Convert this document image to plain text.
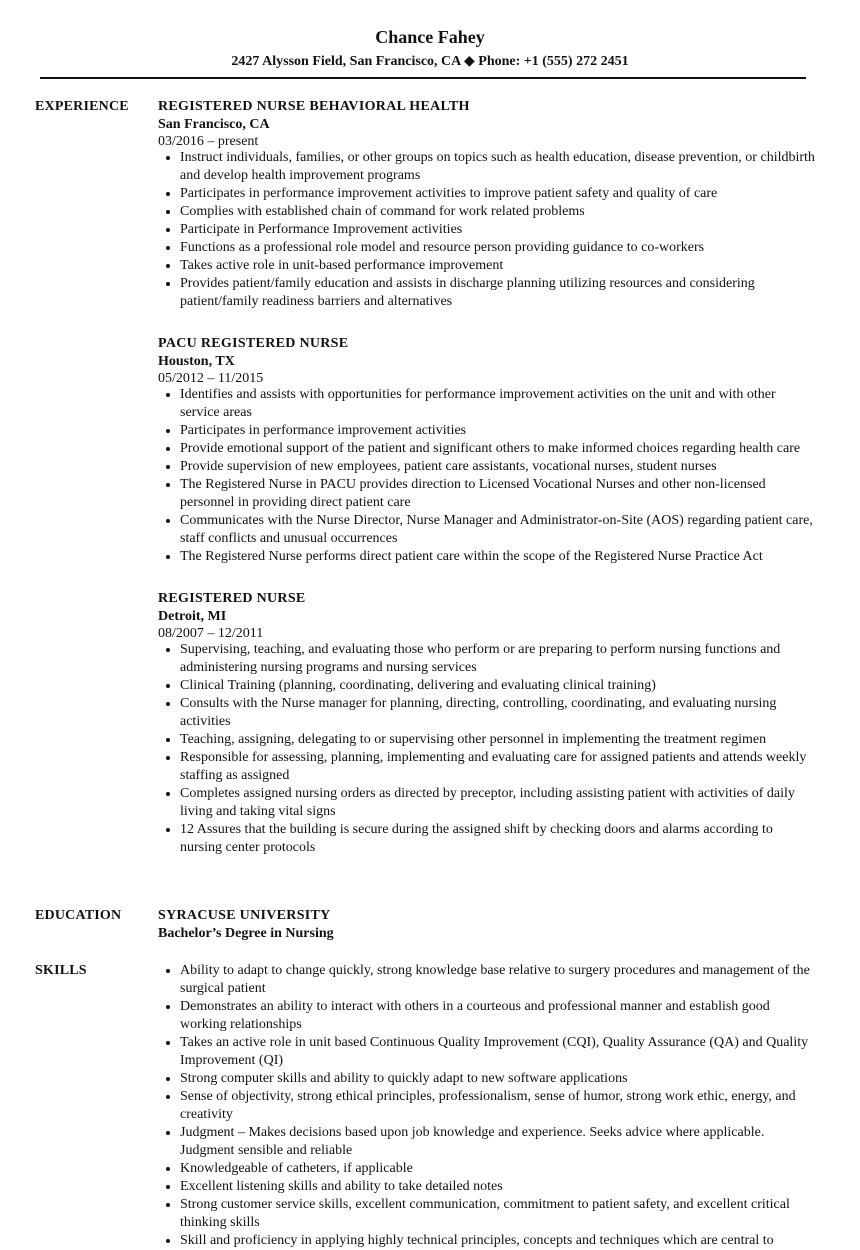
Chance Fahey
2427 Alysson Field, San Francisco, CA ◆ Phone: +1 (555) 272 2451
EXPERIENCE REGISTERED NURSE BEHAVIORAL HEALTH
San Francisco, CA
03/2016 – present
• Instruct individuals, families, or other groups on topics such as health education, disease prevention, or childbirth and develop health improvement programs
• Participates in performance improvement activities to improve patient safety and quality of care
• Complies with established chain of command for work related problems
• Participate in Performance Improvement activities
• Functions as a professional role model and resource person providing guidance to co-workers
• Takes active role in unit-based performance improvement
• Provides patient/family education and assists in discharge planning utilizing resources and considering patient/family readiness barriers and alternatives
PACU REGISTERED NURSE
Houston, TX
05/2012 – 11/2015
• Identifies and assists with opportunities for performance improvement activities on the unit and with other service areas
• Participates in performance improvement activities
• Provide emotional support of the patient and significant others to make informed choices regarding health care
• Provide supervision of new employees, patient care assistants, vocational nurses, student nurses
• The Registered Nurse in PACU provides direction to Licensed Vocational Nurses and other non-licensed personnel in providing direct patient care
• Communicates with the Nurse Director, Nurse Manager and Administrator-on-Site (AOS) regarding patient care, staff conflicts and unusual occurrences
• The Registered Nurse performs direct patient care within the scope of the Registered Nurse Practice Act
REGISTERED NURSE
Detroit, MI
08/2007 – 12/2011
• Supervising, teaching, and evaluating those who perform or are preparing to perform nursing functions and administering nursing programs and nursing services
• Clinical Training (planning, coordinating, delivering and evaluating clinical training)
• Consults with the Nurse manager for planning, directing, controlling, coordinating, and evaluating nursing activities
• Teaching, assigning, delegating to or supervising other personnel in implementing the treatment regimen
• Responsible for assessing, planning, implementing and evaluating care for assigned patients and attends weekly staffing as assigned
• Completes assigned nursing orders as directed by preceptor, including assisting patient with activities of daily living and taking vital signs
• 12 Assures that the building is secure during the assigned shift by checking doors and alarms according to nursing center protocols
EDUCATION	SYRACUSE UNIVERSITY
Bachelor’s Degree in Nursing
SKILLS
•	Ability to adapt to change quickly, strong knowledge base relative to surgery procedures and management of the surgical patient
• Demonstrates an ability to interact with others in a courteous and professional manner and establish good working relationships
• Takes an active role in unit based Continuous Quality Improvement (CQI), Quality Assurance (QA) and Quality Improvement (QI)
• Strong computer skills and ability to quickly adapt to new software applications
• Sense of objectivity, strong ethical principles, professionalism, sense of humor, strong work ethic, energy, and creativity
• Judgment – Makes decisions based upon job knowledge and experience. Seeks advice where applicable. Judgment sensible and reliable
• Knowledgeable of catheters, if applicable
• Excellent listening skills and ability to take detailed notes
• Strong customer service skills, excellent communication, commitment to patient safety, and excellent critical thinking skills
• Skill and proficiency in applying highly technical principles, concepts and techniques which are central to
